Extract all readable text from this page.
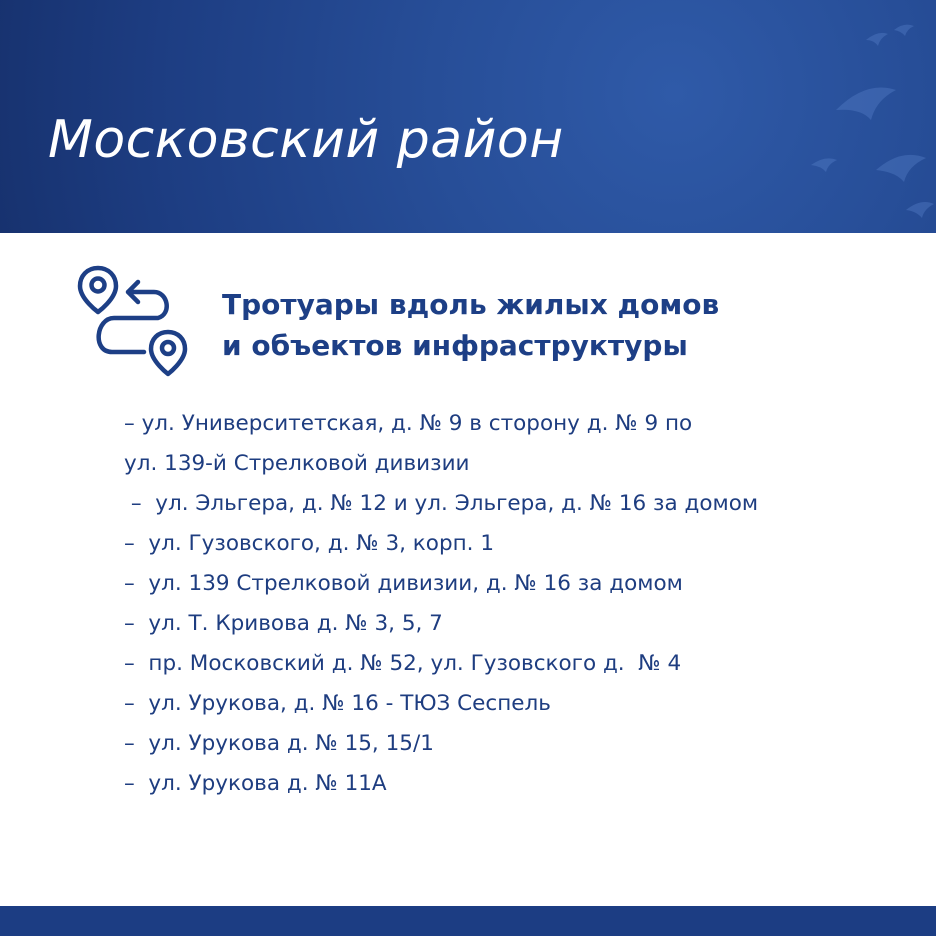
Московский район
Тротуары вдоль жилых домов
и объектов инфраструктуры
– ул. Университетская, д. № 9 в сторону д. № 9 по
ул. 139-й Стрелковой дивизии
–  ул. Эльгера, д. № 12 и ул. Эльгера, д. № 16 за домом
–  ул. Гузовского, д. № 3, корп. 1
–  ул. 139 Стрелковой дивизии, д. № 16 за домом
–  ул. Т. Кривова д. № 3, 5, 7
–  пр. Московский д. № 52, ул. Гузовского д.  № 4
–  ул. Урукова, д. № 16 - ТЮЗ Сеспель
–  ул. Урукова д. № 15, 15/1
–  ул. Урукова д. № 11А
